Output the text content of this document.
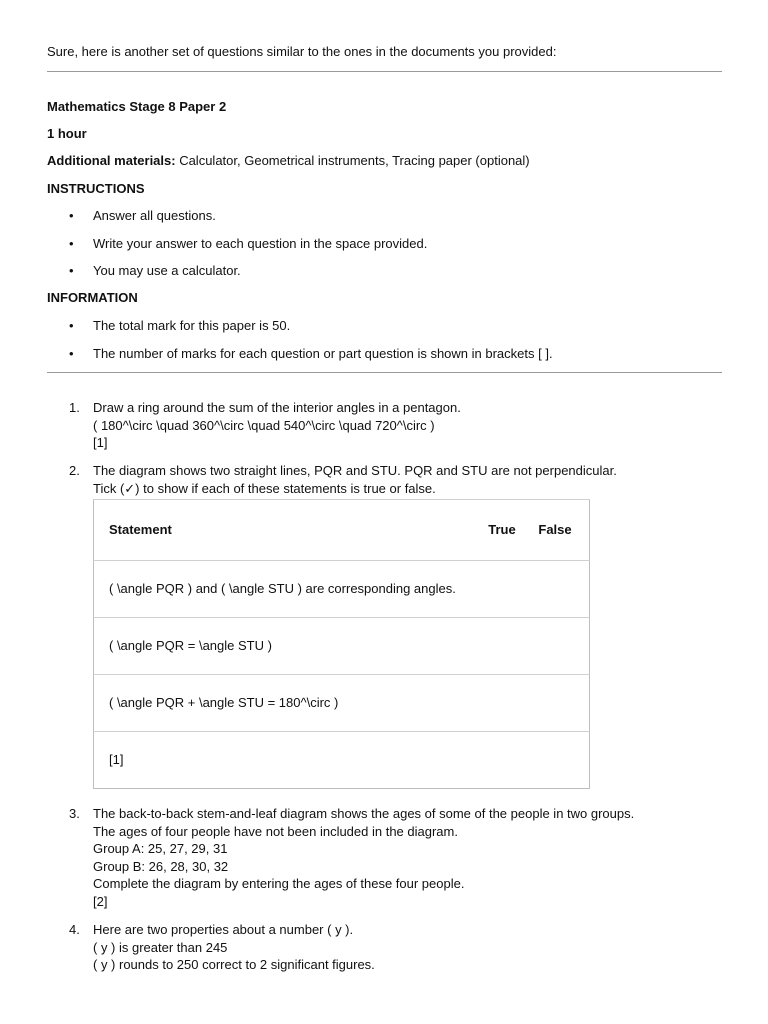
Sure, here is another set of questions similar to the ones in the documents you provided:
Mathematics Stage 8 Paper 2
1 hour
Additional materials: Calculator, Geometrical instruments, Tracing paper (optional)
INSTRUCTIONS
• Answer all questions.
• Write your answer to each question in the space provided.
• You may use a calculator.
INFORMATION
• The total mark for this paper is 50.
• The number of marks for each question or part question is shown in brackets [ ].
1.	Draw a ring around the sum of the interior angles in a pentagon.
( 180^\circ \quad 360^\circ \quad 540^\circ \quad 720^\circ )
[1]
2.	The diagram shows two straight lines, PQR and STU. PQR and STU are not perpendicular.
Tick (✓) to show if each of these statements is true or false.
Statement	True	False
( \angle PQR ) and ( \angle STU ) are corresponding angles.		
( \angle PQR = \angle STU )		
( \angle PQR + \angle STU = 180^\circ )		
[1]		
3.	The back-to-back stem-and-leaf diagram shows the ages of some of the people in two groups.
The ages of four people have not been included in the diagram.
Group A: 25, 27, 29, 31
Group B: 26, 28, 30, 32
Complete the diagram by entering the ages of these four people.
[2]
4.	Here are two properties about a number ( y ).
( y ) is greater than 245
( y ) rounds to 250 correct to 2 significant figures.
